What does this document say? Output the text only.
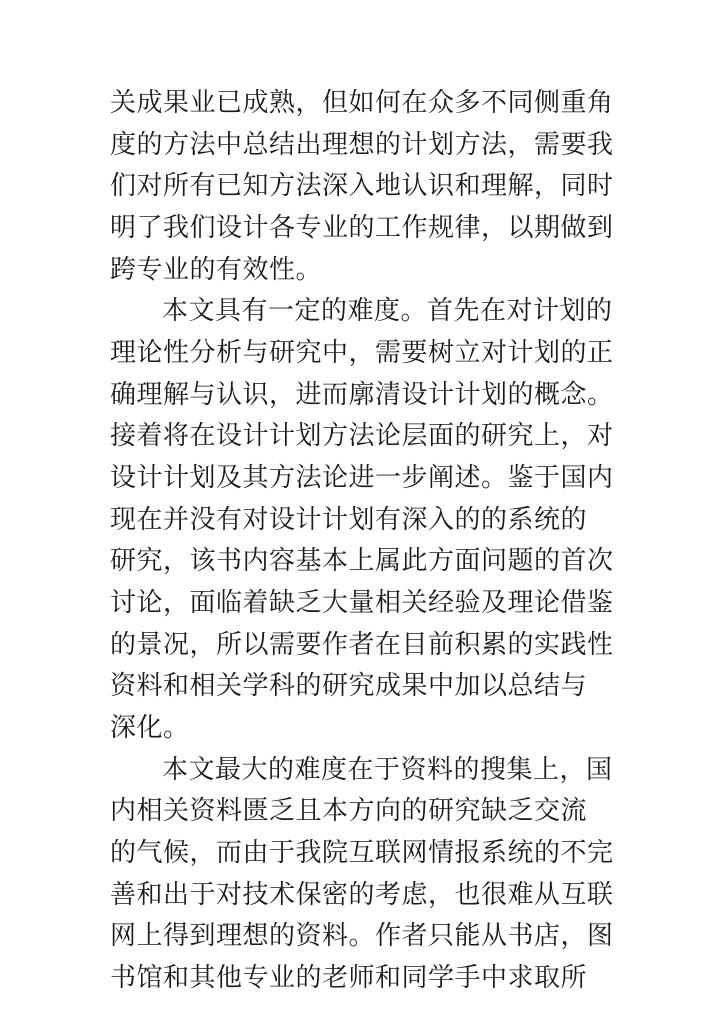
关成果业已成熟，但如何在众多不同侧重角
度的方法中总结出理想的计划方法，需要我
们对所有已知方法深入地认识和理解，同时
明了我们设计各专业的工作规律，以期做到
跨专业的有效性。
本文具有一定的难度。首先在对计划的
理论性分析与研究中，需要树立对计划的正
确理解与认识，进而廓清设计计划的概念。
接着将在设计计划方法论层面的研究上，对
设计计划及其方法论进一步阐述。鉴于国内
现在并没有对设计计划有深入的的系统的
研究，该书内容基本上属此方面问题的首次
讨论，面临着缺乏大量相关经验及理论借鉴
的景况，所以需要作者在目前积累的实践性
资料和相关学科的研究成果中加以总结与
深化。
本文最大的难度在于资料的搜集上，国
内相关资料匮乏且本方向的研究缺乏交流
的气候，而由于我院互联网情报系统的不完
善和出于对技术保密的考虑，也很难从互联
网上得到理想的资料。作者只能从书店，图
书馆和其他专业的老师和同学手中求取所
